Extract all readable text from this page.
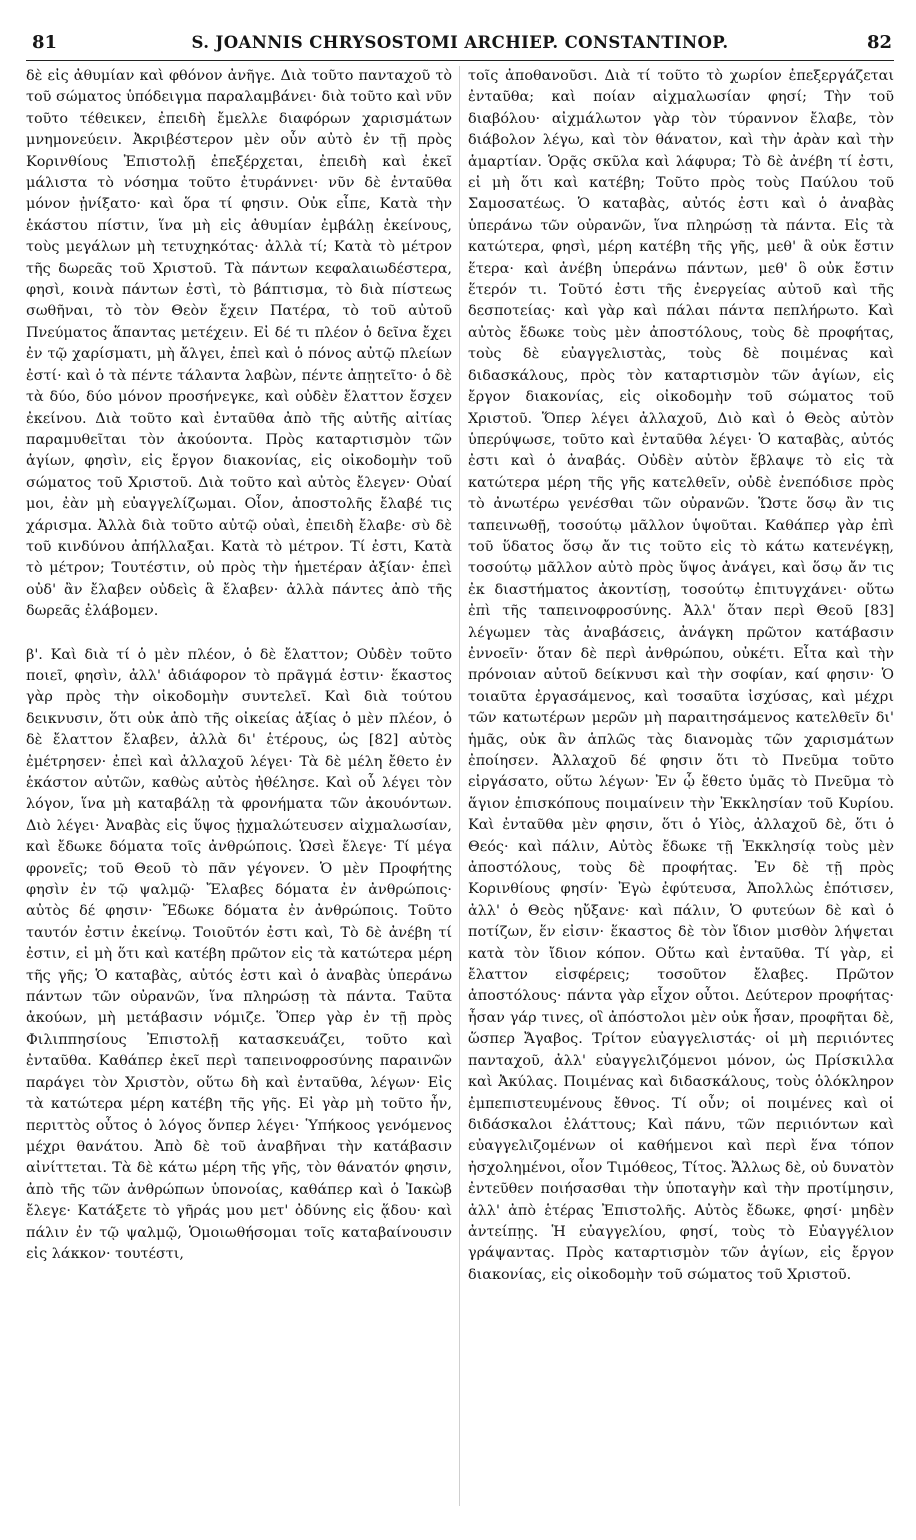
81	S. JOANNIS CHRYSOSTOMI ARCHIEP. CONSTANTINOP.	82

δὲ εἰς ἀθυμίαν καὶ φθόνον ἀνῆγε. Διὰ τοῦτο πανταχοῦ τὸ τοῦ σώματος ὑπόδειγμα παραλαμβάνει· διὰ τοῦτο καὶ νῦν τοῦτο τέθεικεν, ἐπειδὴ ἔμελλε διαφόρων χαρισμάτων μνημονεύειν. Ἀκριβέστερον μὲν οὖν αὐτὸ ἐν τῇ πρὸς Κορινθίους Ἐπιστολῇ ἐπεξέρχεται, ἐπειδὴ καὶ ἐκεῖ μάλιστα τὸ νόσημα τοῦτο ἐτυράννει· νῦν δὲ ἐνταῦθα μόνον ᾐνίξατο· καὶ ὅρα τί φησιν. Οὐκ εἶπε, Κατὰ τὴν ἑκάστου πίστιν, ἵνα μὴ εἰς ἀθυμίαν ἐμβάλῃ ἐκείνους, τοὺς μεγάλων μὴ τετυχηκότας· ἀλλὰ τί; Κατὰ τὸ μέτρον τῆς δωρεᾶς τοῦ Χριστοῦ. Τὰ πάντων κεφαλαιωδέστερα, φησὶ, κοινὰ πάντων ἐστὶ, τὸ βάπτισμα, τὸ διὰ πίστεως σωθῆναι, τὸ τὸν Θεὸν ἔχειν Πατέρα, τὸ τοῦ αὐτοῦ Πνεύματος ἅπαντας μετέχειν. Εἰ δέ τι πλέον ὁ δεῖνα ἔχει ἐν τῷ χαρίσματι, μὴ ἄλγει, ἐπεὶ καὶ ὁ πόνος αὐτῷ πλείων ἐστί· καὶ ὁ τὰ πέντε τάλαντα λαβὼν, πέντε ἀπῃτεῖτο· ὁ δὲ τὰ δύο, δύο μόνον προσήνεγκε, καὶ οὐδὲν ἔλαττον ἔσχεν ἐκείνου. Διὰ τοῦτο καὶ ἐνταῦθα ἀπὸ τῆς αὐτῆς αἰτίας παραμυθεῖται τὸν ἀκούοντα. Πρὸς καταρτισμὸν τῶν ἁγίων, φησὶν, εἰς ἔργον διακονίας, εἰς οἰκοδομὴν τοῦ σώματος τοῦ Χριστοῦ. Διὰ τοῦτο καὶ αὐτὸς ἔλεγεν· Οὐαί μοι, ἐὰν μὴ εὐαγγελίζωμαι. Οἷον, ἀποστολῆς ἔλαβέ τις χάρισμα. Ἀλλὰ διὰ τοῦτο αὐτῷ οὐαὶ, ἐπειδὴ ἔλαβε· σὺ δὲ τοῦ κινδύνου ἀπήλλαξαι. Κατὰ τὸ μέτρον. Τί ἐστι, Κατὰ τὸ μέτρον; Τουτέστιν, οὐ πρὸς τὴν ἡμετέραν ἀξίαν· ἐπεὶ οὐδ' ἂν ἔλαβεν οὐδεὶς ἃ ἔλαβεν· ἀλλὰ πάντες ἀπὸ τῆς δωρεᾶς ἐλάβομεν.

β'. Καὶ διὰ τί ὁ μὲν πλέον, ὁ δὲ ἔλαττον; Οὐδὲν τοῦτο ποιεῖ, φησὶν, ἀλλ' ἀδιάφορον τὸ πρᾶγμά ἐστιν· ἕκαστος γὰρ πρὸς τὴν οἰκοδομὴν συντελεῖ. Καὶ διὰ τούτου δεικνυσιν, ὅτι οὐκ ἀπὸ τῆς οἰκείας ἀξίας ὁ μὲν πλέον, ὁ δὲ ἔλαττον ἔλαβεν, ἀλλὰ δι' ἑτέρους, ὡς [82] αὐτὸς ἐμέτρησεν· ἐπεὶ καὶ ἀλλαχοῦ λέγει· Τὰ δὲ μέλη ἔθετο ἐν ἑκάστον αὐτῶν, καθὼς αὐτὸς ἠθέλησε. Καὶ οὗ λέγει τὸν λόγον, ἵνα μὴ καταβάλῃ τὰ φρονήματα τῶν ἀκουόντων. Διὸ λέγει· Ἀναβὰς εἰς ὕψος ᾐχμαλώτευσεν αἰχμαλωσίαν, καὶ ἔδωκε δόματα τοῖς ἀνθρώποις. Ὡσεὶ ἔλεγε· Τί μέγα φρονεῖς; τοῦ Θεοῦ τὸ πᾶν γέγονεν. Ὁ μὲν Προφήτης φησὶν ἐν τῷ ψαλμῷ· Ἔλαβες δόματα ἐν ἀνθρώποις· αὐτὸς δέ φησιν· Ἔδωκε δόματα ἐν ἀνθρώποις. Τοῦτο ταυτόν ἐστιν ἐκείνῳ. Τοιοῦτόν ἐστι καὶ, Τὸ δὲ ἀνέβη τί ἐστιν, εἰ μὴ ὅτι καὶ κατέβη πρῶτον εἰς τὰ κατώτερα μέρη τῆς γῆς; Ὁ καταβὰς, αὐτός ἐστι καὶ ὁ ἀναβὰς ὑπεράνω πάντων τῶν οὐρανῶν, ἵνα πληρώσῃ τὰ πάντα. Ταῦτα ἀκούων, μὴ μετάβασιν νόμιζε. Ὅπερ γὰρ ἐν τῇ πρὸς Φιλιππησίους Ἐπιστολῇ κατασκευάζει, τοῦτο καὶ ἐνταῦθα. Καθάπερ ἐκεῖ περὶ ταπεινοφροσύνης παραινῶν παράγει τὸν Χριστὸν, οὕτω δὴ καὶ ἐνταῦθα, λέγων· Εἰς τὰ κατώτερα μέρη κατέβη τῆς γῆς. Εἰ γὰρ μὴ τοῦτο ἦν, περιττὸς οὗτος ὁ λόγος ὅνπερ λέγει· Ὑπήκοος γενόμενος μέχρι θανάτου. Ἀπὸ δὲ τοῦ ἀναβῆναι τὴν κατάβασιν αἰνίττεται. Τὰ δὲ κάτω μέρη τῆς γῆς, τὸν θάνατόν φησιν, ἀπὸ τῆς τῶν ἀνθρώπων ὑπονοίας, καθάπερ καὶ ὁ Ἰακὼβ ἔλεγε· Κατάξετε τὸ γῆράς μου μετ' ὀδύνης εἰς ᾅδου· καὶ πάλιν ἐν τῷ ψαλμῷ, Ὁμοιωθήσομαι τοῖς καταβαίνουσιν εἰς λάκκον· τουτέστι,

τοῖς ἀποθανοῦσι. Διὰ τί τοῦτο τὸ χωρίον ἐπεξεργάζεται ἐνταῦθα; καὶ ποίαν αἰχμαλωσίαν φησί; Τὴν τοῦ διαβόλου· αἰχμάλωτον γὰρ τὸν τύραννον ἔλαβε, τὸν διάβολον λέγω, καὶ τὸν θάνατον, καὶ τὴν ἀρὰν καὶ τὴν ἁμαρτίαν. Ὁρᾷς σκῦλα καὶ λάφυρα; Τὸ δὲ ἀνέβη τί ἐστι, εἰ μὴ ὅτι καὶ κατέβη; Τοῦτο πρὸς τοὺς Παύλου τοῦ Σαμοσατέως. Ὁ καταβὰς, αὐτός ἐστι καὶ ὁ ἀναβὰς ὑπεράνω τῶν οὐρανῶν, ἵνα πληρώσῃ τὰ πάντα. Εἰς τὰ κατώτερα, φησὶ, μέρη κατέβη τῆς γῆς, μεθ' ἃ οὐκ ἔστιν ἕτερα· καὶ ἀνέβη ὑπεράνω πάντων, μεθ' ὃ οὐκ ἔστιν ἕτερόν τι. Τοῦτό ἐστι τῆς ἐνεργείας αὐτοῦ καὶ τῆς δεσποτείας· καὶ γὰρ καὶ πάλαι πάντα πεπλήρωτο. Καὶ αὐτὸς ἔδωκε τοὺς μὲν ἀποστόλους, τοὺς δὲ προφήτας, τοὺς δὲ εὐαγγελιστὰς, τοὺς δὲ ποιμένας καὶ διδασκάλους, πρὸς τὸν καταρτισμὸν τῶν ἁγίων, εἰς ἔργον διακονίας, εἰς οἰκοδομὴν τοῦ σώματος τοῦ Χριστοῦ. Ὅπερ λέγει ἀλλαχοῦ, Διὸ καὶ ὁ Θεὸς αὐτὸν ὑπερύψωσε, τοῦτο καὶ ἐνταῦθα λέγει· Ὁ καταβὰς, αὐτός ἐστι καὶ ὁ ἀναβάς. Οὐδὲν αὐτὸν ἔβλαψε τὸ εἰς τὰ κατώτερα μέρη τῆς γῆς κατελθεῖν, οὐδὲ ἐνεπόδισε πρὸς τὸ ἀνωτέρω γενέσθαι τῶν οὐρανῶν. Ὥστε ὅσῳ ἂν τις ταπεινωθῇ, τοσούτῳ μᾶλλον ὑψοῦται. Καθάπερ γὰρ ἐπὶ τοῦ ὕδατος ὅσῳ ἄν τις τοῦτο εἰς τὸ κάτω κατενέγκῃ, τοσούτῳ μᾶλλον αὐτὸ πρὸς ὕψος ἀνάγει, καὶ ὅσῳ ἄν τις ἐκ διαστήματος ἀκοντίσῃ, τοσούτῳ ἐπιτυγχάνει· οὕτω ἐπὶ τῆς ταπεινοφροσύνης. Ἀλλ' ὅταν περὶ Θεοῦ [83] λέγωμεν τὰς ἀναβάσεις, ἀνάγκη πρῶτον κατάβασιν ἐννοεῖν· ὅταν δὲ περὶ ἀνθρώπου, οὐκέτι. Εἶτα καὶ τὴν πρόνοιαν αὐτοῦ δείκνυσι καὶ τὴν σοφίαν, καί φησιν· Ὁ τοιαῦτα ἐργασάμενος, καὶ τοσαῦτα ἰσχύσας, καὶ μέχρι τῶν κατωτέρων μερῶν μὴ παραιτησάμενος κατελθεῖν δι' ἡμᾶς, οὐκ ἂν ἁπλῶς τὰς διανομὰς τῶν χαρισμάτων ἐποίησεν. Ἀλλαχοῦ δέ φησιν ὅτι τὸ Πνεῦμα τοῦτο εἰργάσατο, οὕτω λέγων· Ἐν ᾧ ἔθετο ὑμᾶς τὸ Πνεῦμα τὸ ἅγιον ἐπισκόπους ποιμαίνειν τὴν Ἐκκλησίαν τοῦ Κυρίου. Καὶ ἐνταῦθα μὲν φησιν, ὅτι ὁ Υἱὸς, ἀλλαχοῦ δὲ, ὅτι ὁ Θεός· καὶ πάλιν, Αὐτὸς ἔδωκε τῇ Ἐκκλησίᾳ τοὺς μὲν ἀποστόλους, τοὺς δὲ προφήτας. Ἐν δὲ τῇ πρὸς Κορινθίους φησίν· Ἐγὼ ἐφύτευσα, Ἀπολλὼς ἐπότισεν, ἀλλ' ὁ Θεὸς ηὔξανε· καὶ πάλιν, Ὁ φυτεύων δὲ καὶ ὁ ποτίζων, ἕν εἰσιν· ἕκαστος δὲ τὸν ἴδιον μισθὸν λήψεται κατὰ τὸν ἴδιον κόπον. Οὕτω καὶ ἐνταῦθα. Τί γὰρ, εἰ ἔλαττον εἰσφέρεις; τοσοῦτον ἔλαβες. Πρῶτον ἀποστόλους· πάντα γὰρ εἶχον οὗτοι. Δεύτερον προφήτας· ἦσαν γάρ τινες, οἳ ἀπόστολοι μὲν οὐκ ἦσαν, προφῆται δὲ, ὥσπερ Ἄγαβος. Τρίτον εὐαγγελιστάς· οἱ μὴ περιιόντες πανταχοῦ, ἀλλ' εὐαγγελιζόμενοι μόνον, ὡς Πρίσκιλλα καὶ Ἀκύλας. Ποιμένας καὶ διδασκάλους, τοὺς ὁλόκληρον ἐμπεπιστευμένους ἔθνος. Τί οὖν; οἱ ποιμένες καὶ οἱ διδάσκαλοι ἐλάττους; Καὶ πάνυ, τῶν περιιόντων καὶ εὐαγγελιζομένων οἱ καθήμενοι καὶ περὶ ἕνα τόπον ἠσχολημένοι, οἷον Τιμόθεος, Τίτος. Ἄλλως δὲ, οὐ δυνατὸν ἐντεῦθεν ποιήσασθαι τὴν ὑποταγὴν καὶ τὴν προτίμησιν, ἀλλ' ἀπὸ ἑτέρας Ἐπιστολῆς. Αὐτὸς ἔδωκε, φησί· μηδὲν ἀντείπῃς. Ἡ εὐαγγελίου, φησί, τοὺς τὸ Εὐαγγέλιον γράψαντας. Πρὸς καταρτισμὸν τῶν ἁγίων, εἰς ἔργον διακονίας, εἰς οἰκοδομὴν τοῦ σώματος τοῦ Χριστοῦ.
